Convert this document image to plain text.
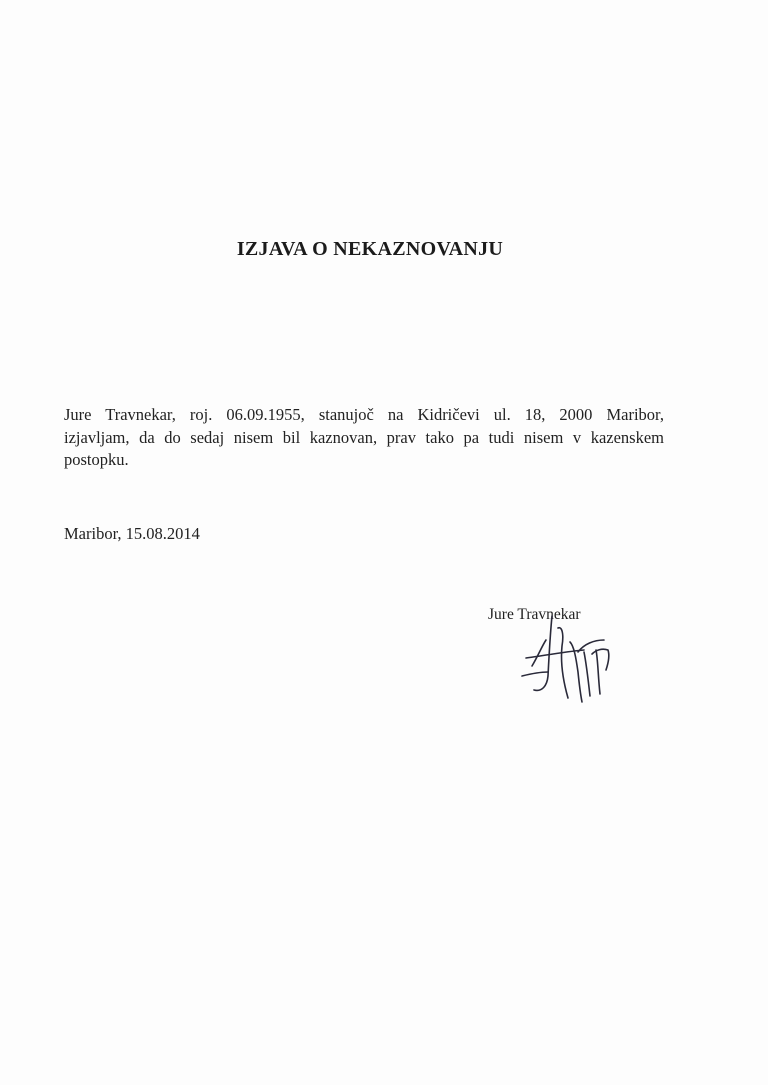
IZJAVA O NEKAZNOVANJU

Jure Travnekar, roj. 06.09.1955, stanujoč na Kidričevi ul. 18, 2000 Maribor,
izjavljam, da do sedaj nisem bil kaznovan, prav tako pa tudi nisem v kazenskem
postopku.

Maribor, 15.08.2014

Jure Travnekar
